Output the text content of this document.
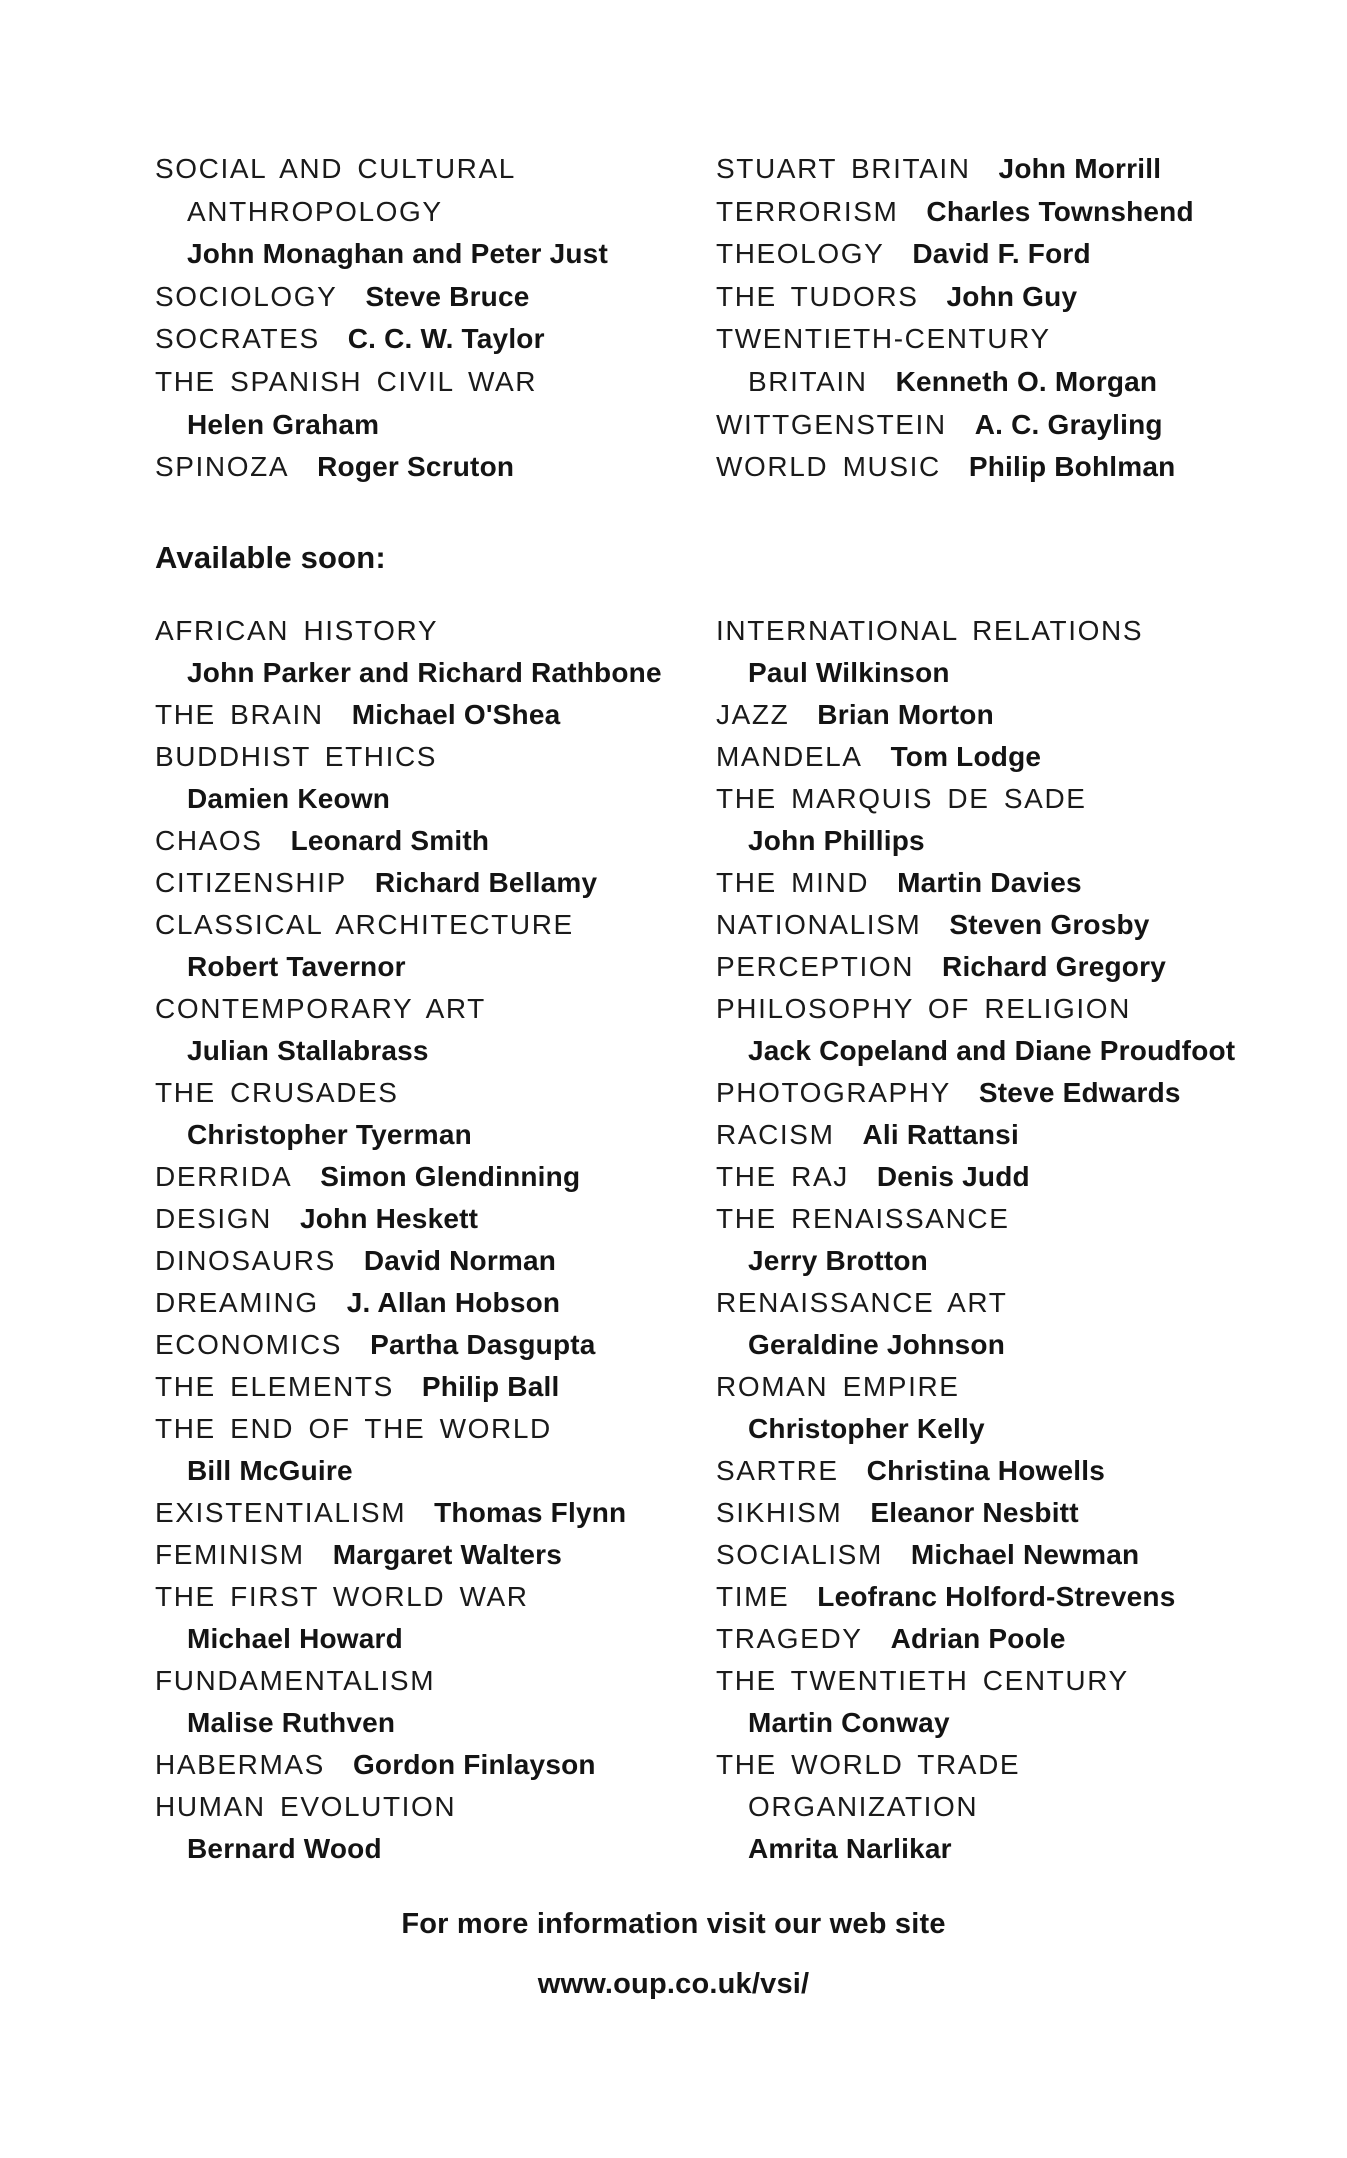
SOCIAL AND CULTURAL
ANTHROPOLOGY
John Monaghan and Peter Just
SOCIOLOGY Steve Bruce
SOCRATES C. C. W. Taylor
THE SPANISH CIVIL WAR
Helen Graham
SPINOZA Roger Scruton
STUART BRITAIN John Morrill
TERRORISM Charles Townshend
THEOLOGY David F. Ford
THE TUDORS John Guy
TWENTIETH-CENTURY
BRITAIN Kenneth O. Morgan
WITTGENSTEIN A. C. Grayling
WORLD MUSIC Philip Bohlman
Available soon:
AFRICAN HISTORY
John Parker and Richard Rathbone
THE BRAIN Michael O'Shea
BUDDHIST ETHICS
Damien Keown
CHAOS Leonard Smith
CITIZENSHIP Richard Bellamy
CLASSICAL ARCHITECTURE
Robert Tavernor
CONTEMPORARY ART
Julian Stallabrass
THE CRUSADES
Christopher Tyerman
DERRIDA Simon Glendinning
DESIGN John Heskett
DINOSAURS David Norman
DREAMING J. Allan Hobson
ECONOMICS Partha Dasgupta
THE ELEMENTS Philip Ball
THE END OF THE WORLD
Bill McGuire
EXISTENTIALISM Thomas Flynn
FEMINISM Margaret Walters
THE FIRST WORLD WAR
Michael Howard
FUNDAMENTALISM
Malise Ruthven
HABERMAS Gordon Finlayson
HUMAN EVOLUTION
Bernard Wood
INTERNATIONAL RELATIONS
Paul Wilkinson
JAZZ Brian Morton
MANDELA Tom Lodge
THE MARQUIS DE SADE
John Phillips
THE MIND Martin Davies
NATIONALISM Steven Grosby
PERCEPTION Richard Gregory
PHILOSOPHY OF RELIGION
Jack Copeland and Diane Proudfoot
PHOTOGRAPHY Steve Edwards
RACISM Ali Rattansi
THE RAJ Denis Judd
THE RENAISSANCE
Jerry Brotton
RENAISSANCE ART
Geraldine Johnson
ROMAN EMPIRE
Christopher Kelly
SARTRE Christina Howells
SIKHISM Eleanor Nesbitt
SOCIALISM Michael Newman
TIME Leofranc Holford-Strevens
TRAGEDY Adrian Poole
THE TWENTIETH CENTURY
Martin Conway
THE WORLD TRADE
ORGANIZATION
Amrita Narlikar
For more information visit our web site
www.oup.co.uk/vsi/
